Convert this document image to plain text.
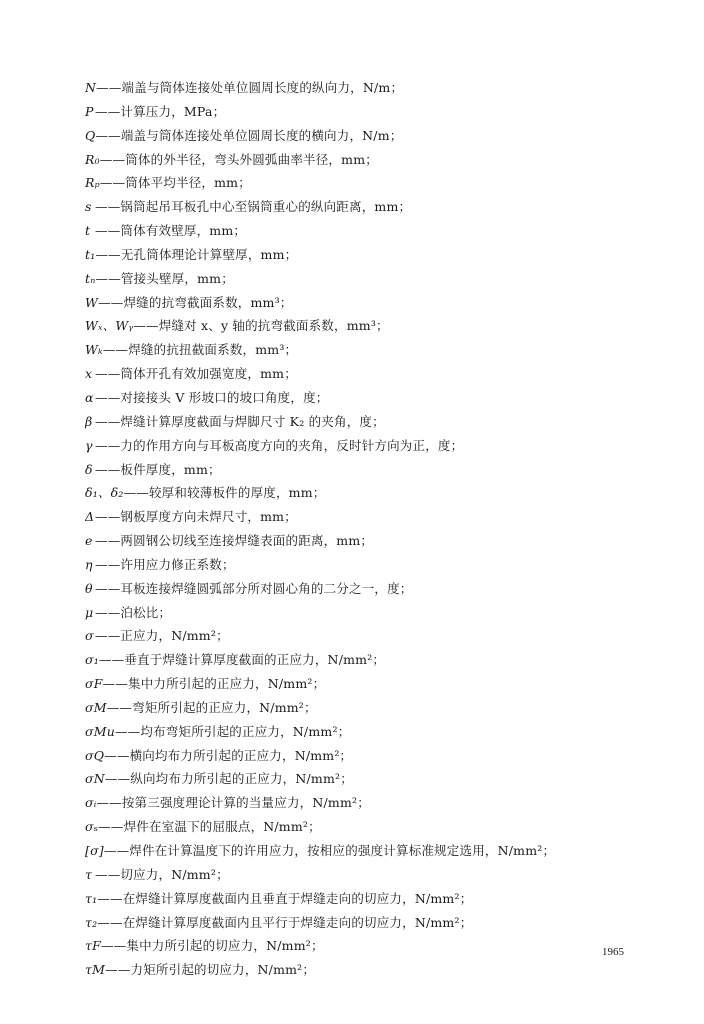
N——端盖与筒体连接处单位圆周长度的纵向力，N/m；
P——计算压力，MPa；
Q——端盖与筒体连接处单位圆周长度的横向力，N/m；
R₀——筒体的外半径，弯头外圆弧曲率半径，mm；
Rₚ——筒体平均半径，mm；
s ——锅筒起吊耳板孔中心至锅筒重心的纵向距离，mm；
t ——筒体有效壁厚，mm；
t₁——无孔筒体理论计算壁厚，mm；
tₙ——管接头壁厚，mm；
W——焊缝的抗弯截面系数，mm³；
Wₓ、Wᵧ——焊缝对 x、y 轴的抗弯截面系数，mm³；
Wₖ——焊缝的抗扭截面系数，mm³；
x ——筒体开孔有效加强宽度，mm；
α——对接接头 V 形坡口的坡口角度，度；
β ——焊缝计算厚度截面与焊脚尺寸 K₂ 的夹角，度；
γ ——力的作用方向与耳板高度方向的夹角，反时针方向为正，度；
δ ——板件厚度，mm；
δ₁、δ₂——较厚和较薄板件的厚度，mm；
Δ——钢板厚度方向未焊尺寸，mm；
e ——两圆钢公切线至连接焊缝表面的距离，mm；
η ——许用应力修正系数；
θ ——耳板连接焊缝圆弧部分所对圆心角的二分之一，度；
μ ——泊松比；
σ——正应力，N/mm²；
σ₁——垂直于焊缝计算厚度截面的正应力，N/mm²；
σF——集中力所引起的正应力，N/mm²；
σM——弯矩所引起的正应力，N/mm²；
σMu——均布弯矩所引起的正应力，N/mm²；
σQ——横向均布力所引起的正应力，N/mm²；
σN——纵向均布力所引起的正应力，N/mm²；
σᵢ——按第三强度理论计算的当量应力，N/mm²；
σₛ——焊件在室温下的屈服点，N/mm²；
[σ]——焊件在计算温度下的许用应力，按相应的强度计算标准规定选用，N/mm²；
τ ——切应力，N/mm²；
τ₁——在焊缝计算厚度截面内且垂直于焊缝走向的切应力，N/mm²；
τ₂——在焊缝计算厚度截面内且平行于焊缝走向的切应力，N/mm²；
τF——集中力所引起的切应力，N/mm²；
τM——力矩所引起的切应力，N/mm²；
1965
